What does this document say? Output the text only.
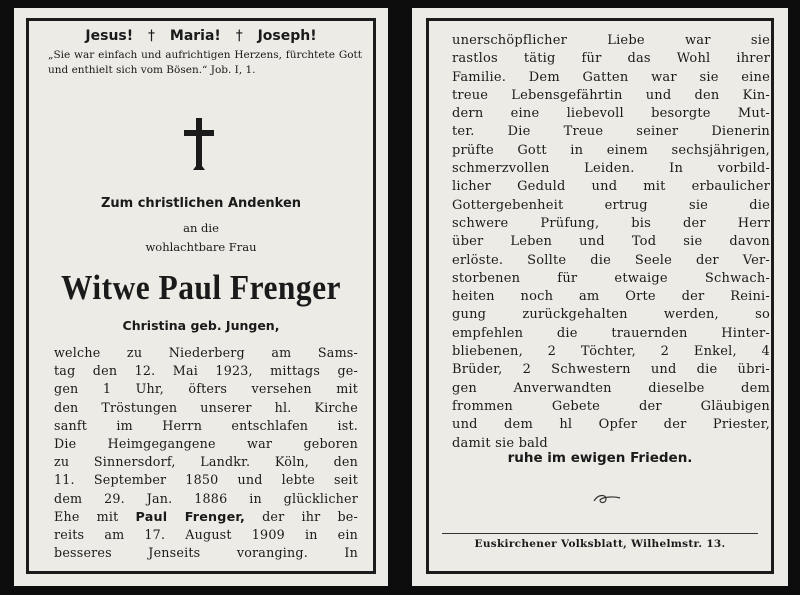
Jesus! † Maria! † Joseph!
„Sie war einfach und aufrichtigen Herzens, fürchtete Gott und enthielt sich vom Bösen.“ Job. I, 1.
Zum christlichen Andenken
an die
wohlachtbare Frau
Witwe Paul Frenger
Christina geb. Jungen,
welche zu Niederberg am Sams-
tag den 12. Mai 1923, mittags ge-
gen 1 Uhr, öfters versehen mit
den Tröstungen unserer hl. Kirche
sanft im Herrn entschlafen ist.
Die Heimgegangene war geboren
zu Sinnersdorf, Landkr. Köln, den
11. September 1850 und lebte seit
dem 29. Jan. 1886 in glücklicher
Ehe mit Paul Frenger, der ihr be-
reits am 17. August 1909 in ein
besseres Jenseits voranging. In
unerschöpflicher Liebe war sie
rastlos tätig für das Wohl ihrer
Familie. Dem Gatten war sie eine
treue Lebensgefährtin und den Kin-
dern eine liebevoll besorgte Mut-
ter. Die Treue seiner Dienerin
prüfte Gott in einem sechsjährigen,
schmerzvollen Leiden. In vorbild-
licher Geduld und mit erbaulicher
Gottergebenheit ertrug sie die
schwere Prüfung, bis der Herr
über Leben und Tod sie davon
erlöste. Sollte die Seele der Ver-
storbenen für etwaige Schwach-
heiten noch am Orte der Reini-
gung zurückgehalten werden, so
empfehlen die trauernden Hinter-
bliebenen, 2 Töchter, 2 Enkel, 4
Brüder, 2 Schwestern und die übri-
gen Anverwandten dieselbe dem
frommen Gebete der Gläubigen
und dem hl Opfer der Priester,
damit sie bald
ruhe im ewigen Frieden.
Euskirchener Volksblatt, Wilhelmstr. 13.
